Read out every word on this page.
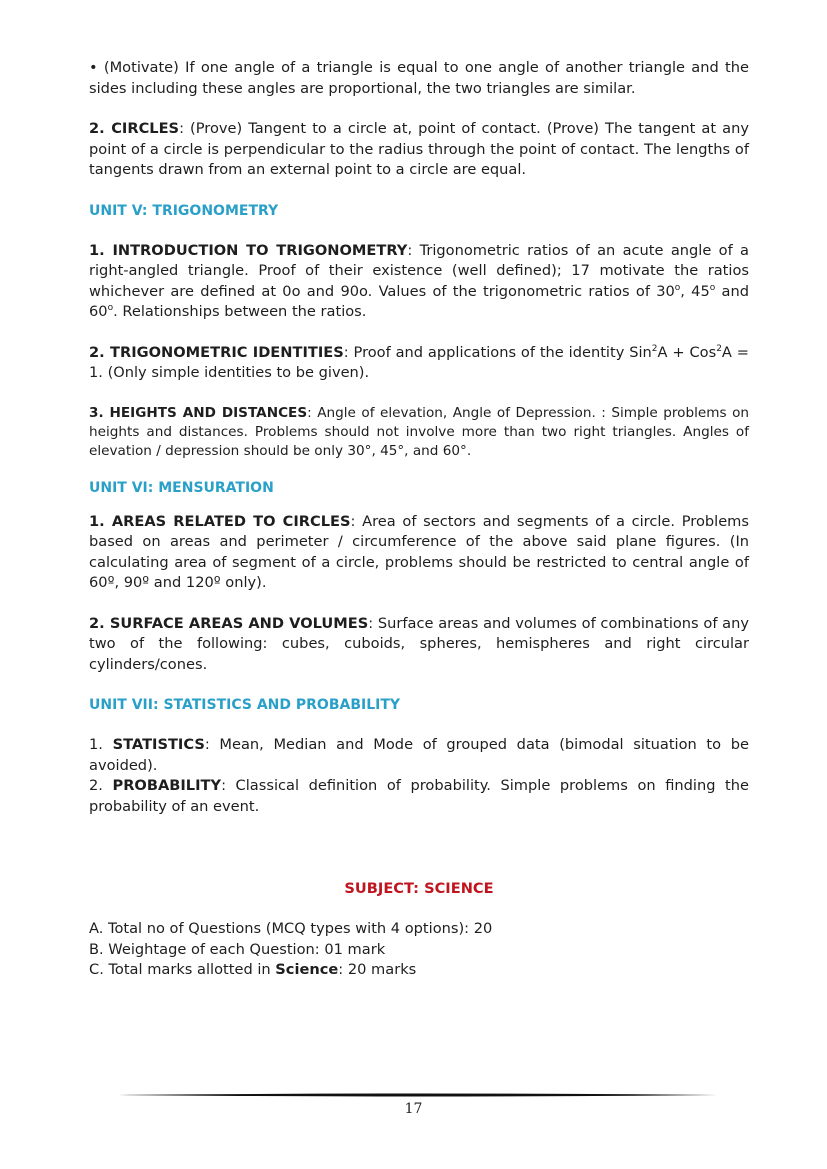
• (Motivate) If one angle of a triangle is equal to one angle of another triangle and the sides including these angles are proportional, the two triangles are similar.

2. CIRCLES: (Prove) Tangent to a circle at, point of contact. (Prove) The tangent at any point of a circle is perpendicular to the radius through the point of contact. The lengths of tangents drawn from an external point to a circle are equal.

UNIT V: TRIGONOMETRY

1. INTRODUCTION TO TRIGONOMETRY: Trigonometric ratios of an acute angle of a right-angled triangle. Proof of their existence (well defined); 17 motivate the ratios whichever are defined at 0o and 90o. Values of the trigonometric ratios of 30$^o$, 45$^o$ and 60$^o$. Relationships between the ratios.

2. TRIGONOMETRIC IDENTITIES: Proof and applications of the identity Sin$^2$A + Cos$^2$A = 1. (Only simple identities to be given).

3. HEIGHTS AND DISTANCES: Angle of elevation, Angle of Depression. : Simple problems on heights and distances. Problems should not involve more than two right triangles. Angles of elevation / depression should be only 30°, 45°, and 60°.

UNIT VI: MENSURATION

1. AREAS RELATED TO CIRCLES: Area of sectors and segments of a circle. Problems based on areas and perimeter / circumference of the above said plane figures. (In calculating area of segment of a circle, problems should be restricted to central angle of 60º, 90º and 120º only).

2. SURFACE AREAS AND VOLUMES: Surface areas and volumes of combinations of any two of the following: cubes, cuboids, spheres, hemispheres and right circular cylinders/cones.

UNIT VII: STATISTICS AND PROBABILITY

1. STATISTICS: Mean, Median and Mode of grouped data (bimodal situation to be avoided).

2. PROBABILITY: Classical definition of probability. Simple problems on finding the probability of an event.

SUBJECT: SCIENCE

A. Total no of Questions (MCQ types with 4 options): 20

B. Weightage of each Question: 01 mark

C. Total marks allotted in Science: 20 marks

17
